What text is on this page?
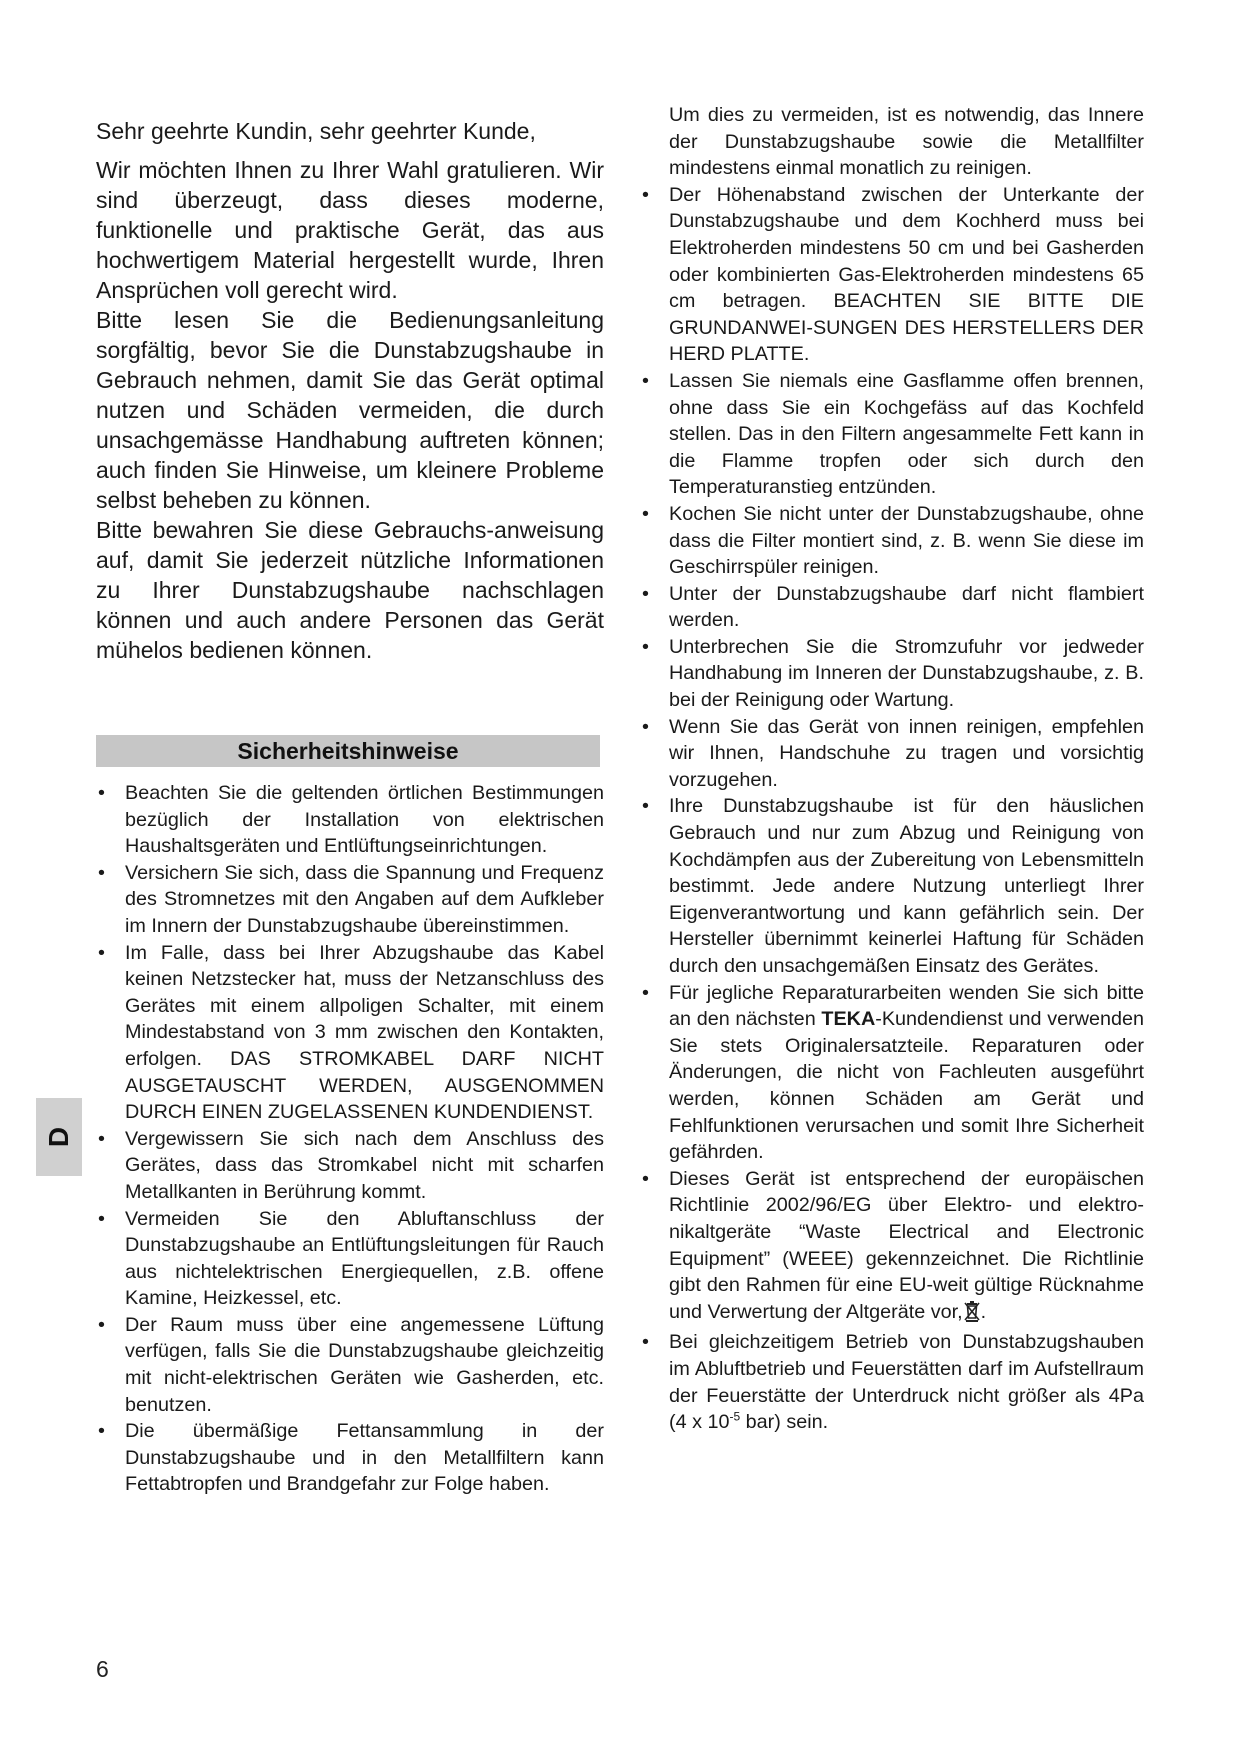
Sehr geehrte Kundin, sehr geehrter Kunde,

Wir möchten Ihnen zu Ihrer Wahl gratulieren. Wir sind überzeugt, dass dieses moderne, funktionelle und praktische Gerät, das aus hochwertigem Material hergestellt wurde, Ihren Ansprüchen voll gerecht wird.

Bitte lesen Sie die Bedienungsanleitung sorgfältig, bevor Sie die Dunstabzugshaube in Gebrauch nehmen, damit Sie das Gerät optimal nutzen und Schäden vermeiden, die durch unsachgemässe Handhabung auftreten können; auch finden Sie Hinweise, um kleinere Probleme selbst beheben zu können.

Bitte bewahren Sie diese Gebrauchs-anweisung auf, damit Sie jederzeit nützliche Informationen zu Ihrer Dunstabzugshaube nachschlagen können und auch andere Personen das Gerät mühelos bedienen können.

Sicherheitshinweise
• Beachten Sie die geltenden örtlichen Bestimmungen bezüglich der Installation von elektrischen Haushaltsgeräten und Entlüftungseinrichtungen.
• Versichern Sie sich, dass die Spannung und Frequenz des Stromnetzes mit den Angaben auf dem Aufkleber im Innern der Dunstabzugshaube übereinstimmen.
• Im Falle, dass bei Ihrer Abzugshaube das Kabel keinen Netzstecker hat, muss der Netzanschluss des Gerätes mit einem allpoligen Schalter, mit einem Mindestabstand von 3 mm zwischen den Kontakten, erfolgen. DAS STROMKABEL DARF NICHT AUSGETAUSCHT WERDEN, AUSGENOMMEN DURCH EINEN ZUGELASSENEN KUNDENDIENST.
• Vergewissern Sie sich nach dem Anschluss des Gerätes, dass das Stromkabel nicht mit scharfen Metallkanten in Berührung kommt.
• Vermeiden Sie den Abluftanschluss der Dunstabzugshaube an Entlüftungsleitungen für Rauch aus nichtelektrischen Energiequellen, z.B. offene Kamine, Heizkessel, etc.
• Der Raum muss über eine angemessene Lüftung verfügen, falls Sie die Dunstabzugshaube gleichzeitig mit nicht-elektrischen Geräten wie Gasherden, etc. benutzen.
• Die übermäßige Fettansammlung in der Dunstabzugshaube und in den Metallfiltern kann Fettabtropfen und Brandgefahr zur Folge haben.

Um dies zu vermeiden, ist es notwendig, das Innere der Dunstabzugshaube sowie die Metallfilter mindestens einmal monatlich zu reinigen.

• Der Höhenabstand zwischen der Unterkante der Dunstabzugshaube und dem Kochherd muss bei Elektroherden mindestens 50 cm und bei Gasherden oder kombinierten Gas-Elektroherden mindestens 65 cm betragen. BEACHTEN SIE BITTE DIE GRUNDANWEI-SUNGEN DES HERSTELLERS DER HERD PLATTE.
• Lassen Sie niemals eine Gasflamme offen brennen, ohne dass Sie ein Kochgefäss auf das Kochfeld stellen. Das in den Filtern angesammelte Fett kann in die Flamme tropfen oder sich durch den Temperaturanstieg entzünden.
• Kochen Sie nicht unter der Dunstabzugshaube, ohne dass die Filter montiert sind, z. B. wenn Sie diese im Geschirrspüler reinigen.
• Unter der Dunstabzugshaube darf nicht flambiert werden.
• Unterbrechen Sie die Stromzufuhr vor jedweder Handhabung im Inneren der Dunstabzugshaube, z. B. bei der Reinigung oder Wartung.
• Wenn Sie das Gerät von innen reinigen, empfehlen wir Ihnen, Handschuhe zu tragen und vorsichtig vorzugehen.
• Ihre Dunstabzugshaube ist für den häuslichen Gebrauch und nur zum Abzug und Reinigung von Kochdämpfen aus der Zubereitung von Lebensmitteln bestimmt. Jede andere Nutzung unterliegt Ihrer Eigenverantwortung und kann gefährlich sein. Der Hersteller übernimmt keinerlei Haftung für Schäden durch den unsachgemäßen Einsatz des Gerätes.
• Für jegliche Reparaturarbeiten wenden Sie sich bitte an den nächsten TEKA-Kundendienst und verwenden Sie stets Originalersatzteile. Reparaturen oder Änderungen, die nicht von Fachleuten ausgeführt werden, können Schäden am Gerät und Fehlfunktionen verursachen und somit Ihre Sicherheit gefährden.
• Dieses Gerät ist entsprechend der europäischen Richtlinie 2002/96/EG über Elektro- und elektro-nikaltgeräte “Waste Electrical and Electronic Equipment” (WEEE) gekennzeichnet. Die Richtlinie gibt den Rahmen für eine EU-weit gültige Rücknahme und Verwertung der Altgeräte vor, .
• Bei gleichzeitigem Betrieb von Dunstabzugshauben im Abluftbetrieb und Feuerstätten darf im Aufstellraum der Feuerstätte der Unterdruck nicht größer als 4Pa (4 x $10^{-5}$ bar) sein.
D
6
